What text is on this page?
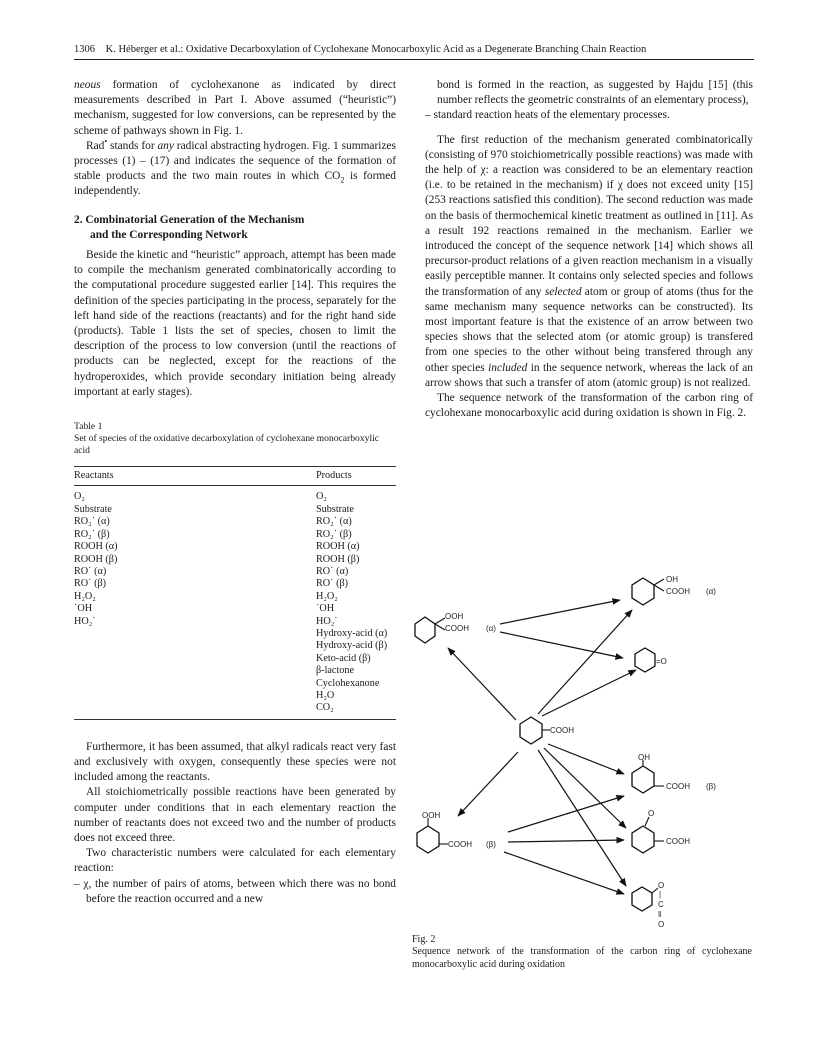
1306 K. Héberger et al.: Oxidative Decarboxylation of Cyclohexane Monocarboxylic Acid as a Degenerate Branching Chain Reaction

neous formation of cyclohexanone as indicated by direct measurements described in Part I. Above assumed (“heuristic”) mechanism, suggested for low conversions, can be represented by the scheme of pathways shown in Fig. 1.

Rad• stands for any radical abstracting hydrogen. Fig. 1 summarizes processes (1) – (17) and indicates the sequence of the formation of stable products and the two main routes in which $CO_2$ is formed independently.

2. Combinatorial Generation of the Mechanism
and the Corresponding Network

Beside the kinetic and “heuristic” approach, attempt has been made to compile the mechanism generated combinatorically according to the computational procedure suggested earlier [14]. This requires the definition of the species participating in the process, separately for the left hand side of the reactions (reactants) and for the right hand side (products). Table 1 lists the set of species, chosen to limit the description of the process to low conversion (until the reactions of products can be neglected, except for the reactions of the hydroperoxides, which provide secondary initiation being already important at early stages).

Table 1
Set of species of the oxidative decarboxylation of cyclohexane monocarboxylic acid
Reactants	Products
O₂	O₂
Substrate	Substrate
RO₂˙ (α)	RO₂˙ (α)
RO₂˙ (β)	RO₂˙ (β)
ROOH (α)	ROOH (α)
ROOH (β)	ROOH (β)
RO˙ (α)	RO˙ (α)
RO˙ (β)	RO˙ (β)
H₂O₂	H₂O₂
˙OH	˙OH
HO₂˙	HO₂˙
	Hydroxy-acid (α)
	Hydroxy-acid (β)
	Keto-acid (β)
	β-lactone
	Cyclohexanone
	H₂O
	CO₂

Furthermore, it has been assumed, that alkyl radicals react very fast and exclusively with oxygen, consequently these species were not included among the reactants.

All stoichiometrically possible reactions have been generated by computer under conditions that in each elementary reaction the number of reactants does not exceed two and the number of products does not exceed three.

Two characteristic numbers were calculated for each elementary reaction:

– χ, the number of pairs of atoms, between which there was no bond before the reaction occurred and a new

bond is formed in the reaction, as suggested by Hajdu [15] (this number reflects the geometric constraints of an elementary process),

– standard reaction heats of the elementary processes.

The first reduction of the mechanism generated combinatorically (consisting of 970 stoichiometrically possible reactions) was made with the help of χ: a reaction was considered to be an elementary reaction (i.e. to be retained in the mechanism) if χ does not exceed unity [15] (253 reactions satisfied this condition). The second reduction was made on the basis of thermochemical kinetic treatment as outlined in [11]. As a result 192 reactions remained in the mechanism. Earlier we introduced the concept of the sequence network [14] which shows all precursor-product relations of a given reaction mechanism in a visually easily perceptible manner. It contains only selected species and follows the transformation of any selected atom or group of atoms (thus for the same mechanism many sequence networks can be constructed). Its most important feature is that the existence of an arrow between two species shows that the selected atom (or atomic group) is transfered from one species to the other without being transfered through any other species included in the sequence network, whereas the lack of an arrow shows that such a transfer of atom (atomic group) is not realized.

The sequence network of the transformation of the carbon ring of cyclohexane monocarboxylic acid during oxidation is shown in Fig. 2.

OOH
COOH (α)
OH
COOH (α)
=O
COOH
OH
COOH (β)
OOH
COOH (β)
O
COOH
O
|
C
‖
O
Fig. 2
Sequence network of the transformation of the carbon ring of cyclohexane monocarboxylic acid during oxidation
